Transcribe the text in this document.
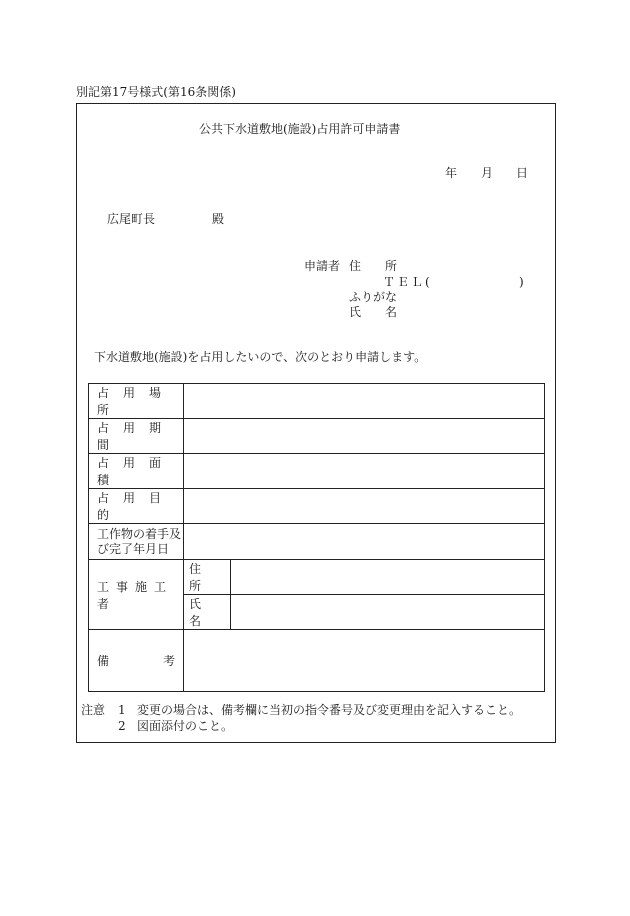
別記第17号様式(第16条関係)
公共下水道敷地(施設)占用許可申請書
年 月 日
広尾町長	殿
申請者 住　所
ＴＥＬ(	)
ふりがな
氏　名
下水道敷地(施設)を占用したいので、次のとおり申請します。
占用場所		
占用期間		
占用面積		
占用目的		

工作物の着手及
び完了年月日		

工事施工者	住　所	
	氏　名	
備 考		

注意 1 変更の場合は、備考欄に当初の指令番号及び変更理由を記入すること。
2 図面添付のこと。
